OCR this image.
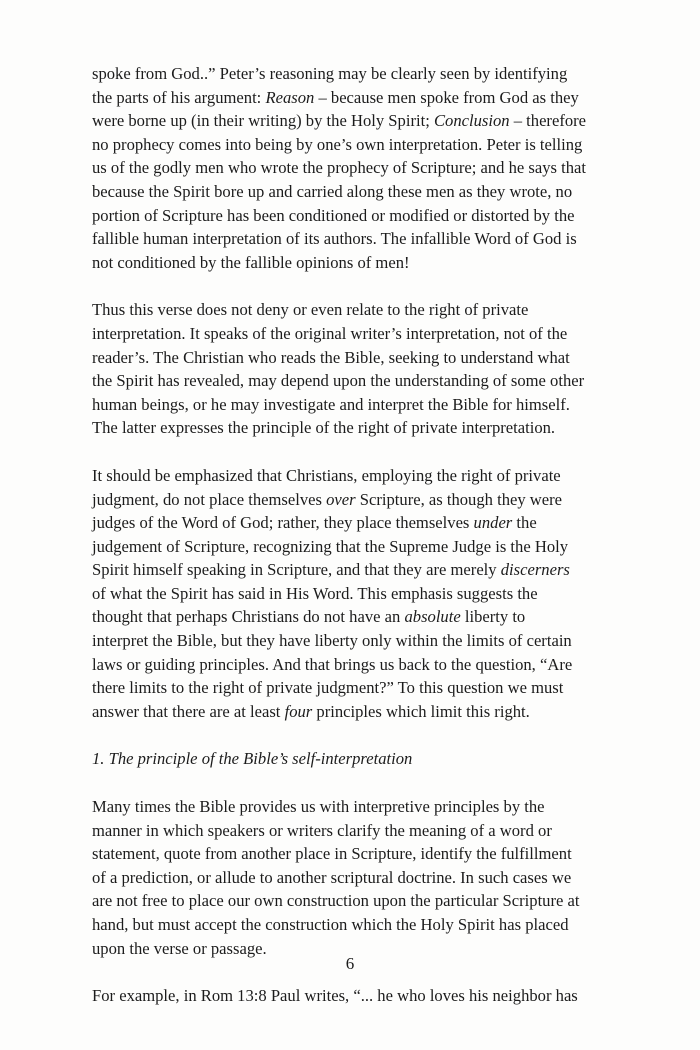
spoke from God..” Peter’s reasoning may be clearly seen by identifying
the parts of his argument: Reason – because men spoke from God as they
were borne up (in their writing) by the Holy Spirit; Conclusion – therefore
no prophecy comes into being by one’s own interpretation. Peter is telling
us of the godly men who wrote the prophecy of Scripture; and he says that
because the Spirit bore up and carried along these men as they wrote, no
portion of Scripture has been conditioned or modified or distorted by the
fallible human interpretation of its authors. The infallible Word of God is
not conditioned by the fallible opinions of men!
Thus this verse does not deny or even relate to the right of private
interpretation. It speaks of the original writer’s interpretation, not of the
reader’s. The Christian who reads the Bible, seeking to understand what
the Spirit has revealed, may depend upon the understanding of some other
human beings, or he may investigate and interpret the Bible for himself.
The latter expresses the principle of the right of private interpretation.
It should be emphasized that Christians, employing the right of private
judgment, do not place themselves over Scripture, as though they were
judges of the Word of God; rather, they place themselves under the
judgement of Scripture, recognizing that the Supreme Judge is the Holy
Spirit himself speaking in Scripture, and that they are merely discerners
of what the Spirit has said in His Word. This emphasis suggests the
thought that perhaps Christians do not have an absolute liberty to
interpret the Bible, but they have liberty only within the limits of certain
laws or guiding principles. And that brings us back to the question, “Are
there limits to the right of private judgment?” To this question we must
answer that there are at least four principles which limit this right.
1. The principle of the Bible’s self-interpretation
Many times the Bible provides us with interpretive principles by the
manner in which speakers or writers clarify the meaning of a word or
statement, quote from another place in Scripture, identify the fulfillment
of a prediction, or allude to another scriptural doctrine. In such cases we
are not free to place our own construction upon the particular Scripture at
hand, but must accept the construction which the Holy Spirit has placed
upon the verse or passage.
For example, in Rom 13:8 Paul writes, “... he who loves his neighbor has
6
